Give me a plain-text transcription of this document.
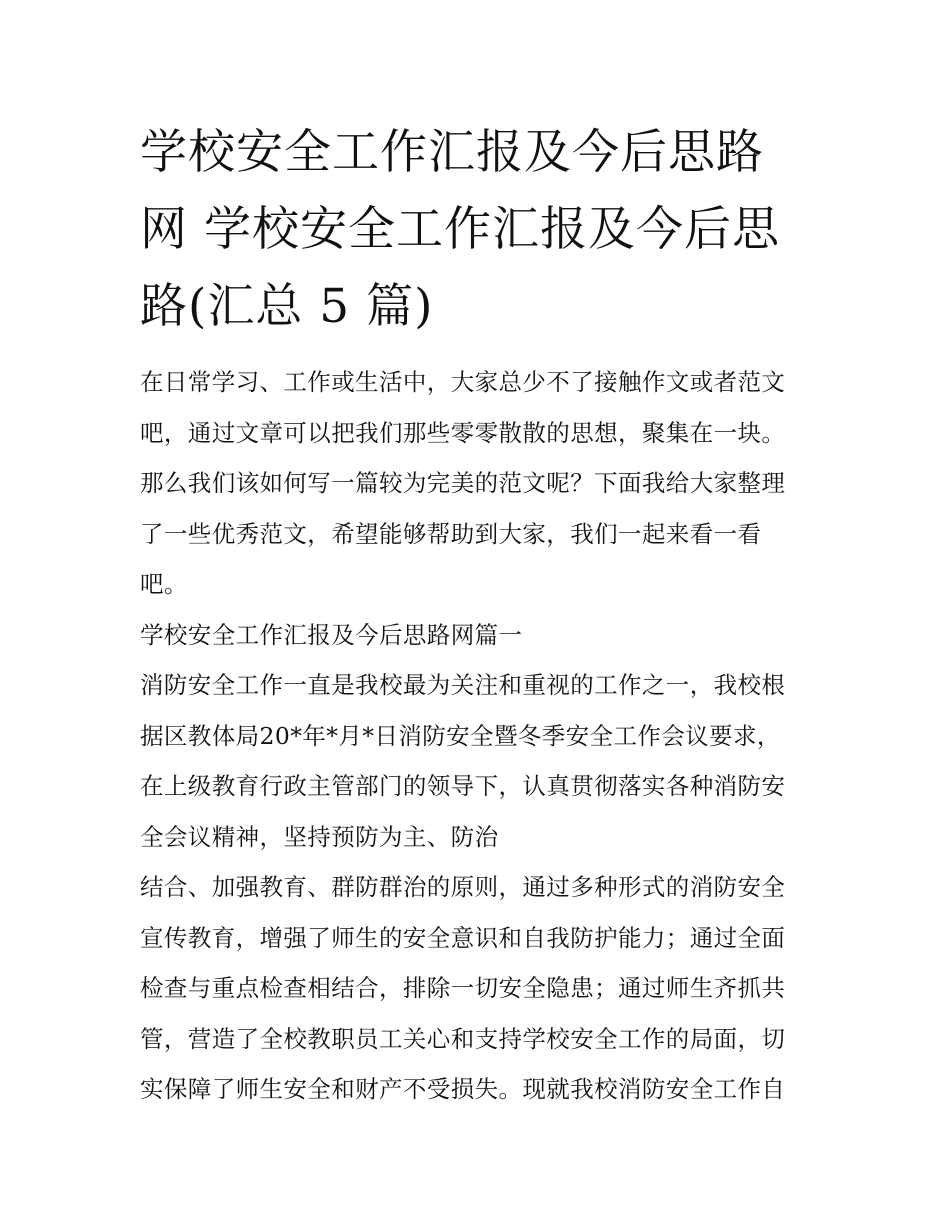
学校安全工作汇报及今后思路
网 学校安全工作汇报及今后思
路(汇总 5 篇)

在日常学习、工作或生活中，大家总少不了接触作文或者范文
吧，通过文章可以把我们那些零零散散的思想，聚集在一块。
那么我们该如何写一篇较为完美的范文呢？下面我给大家整理
了一些优秀范文，希望能够帮助到大家，我们一起来看一看
吧。

学校安全工作汇报及今后思路网篇一

消防安全工作一直是我校最为关注和重视的工作之一，我校根
据区教体局20*年*月*日消防安全暨冬季安全工作会议要求，
在上级教育行政主管部门的领导下，认真贯彻落实各种消防安
全会议精神，坚持预防为主、防治

结合、加强教育、群防群治的原则，通过多种形式的消防安全
宣传教育，增强了师生的安全意识和自我防护能力；通过全面
检查与重点检查相结合，排除一切安全隐患；通过师生齐抓共
管，营造了全校教职员工关心和支持学校安全工作的局面，切
实保障了师生安全和财产不受损失。现就我校消防安全工作自
